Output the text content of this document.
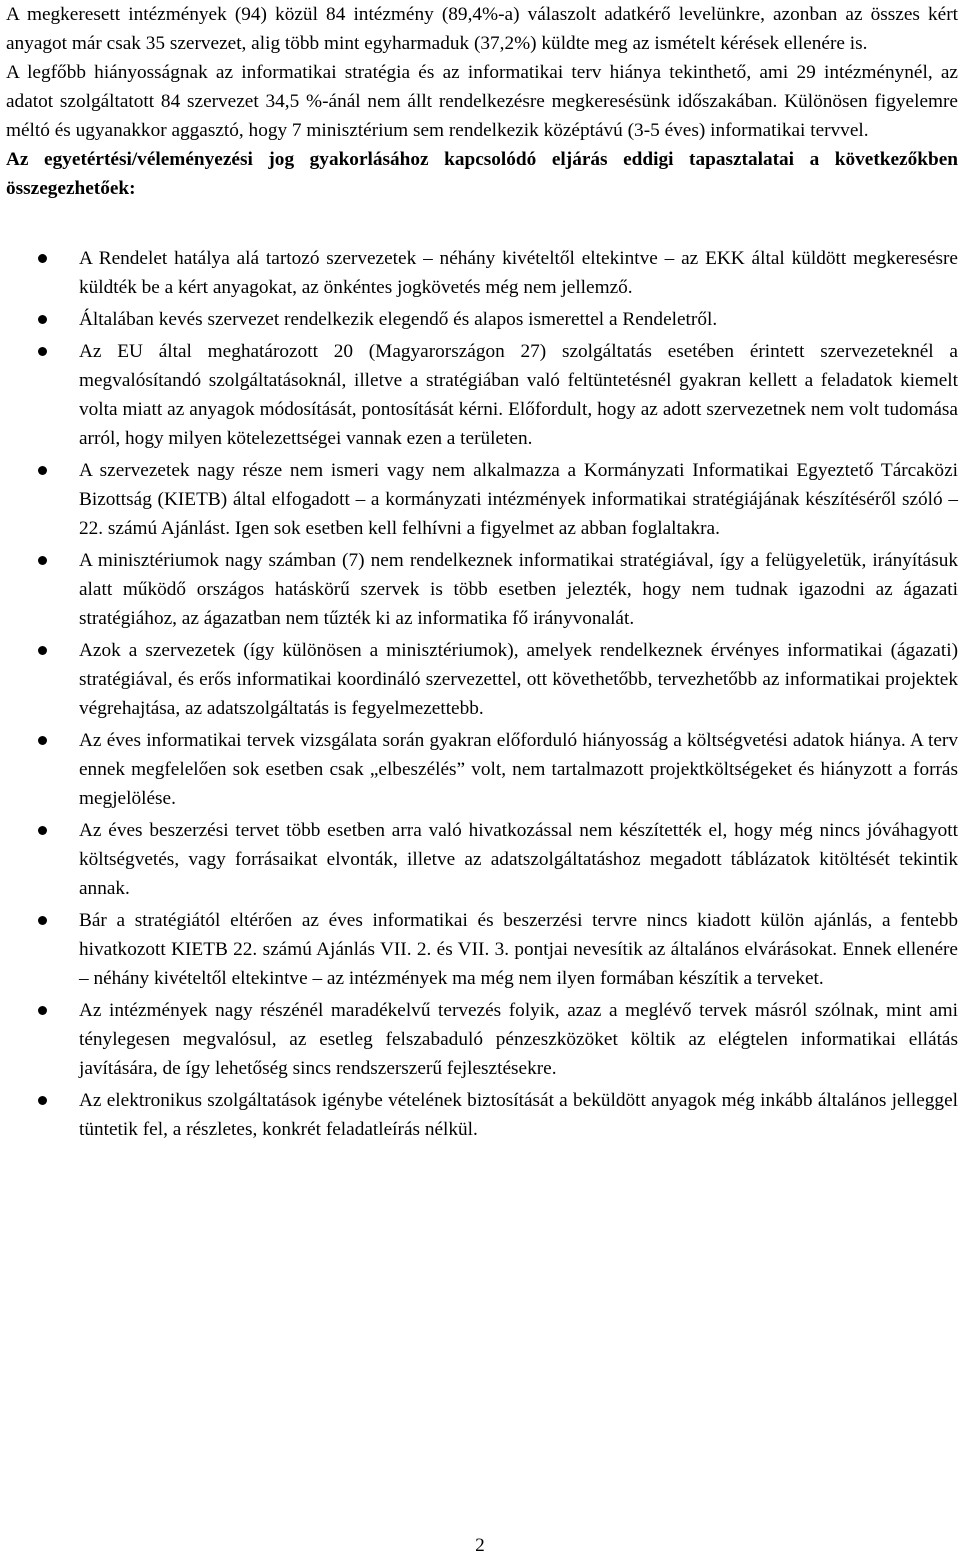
A megkeresett intézmények (94) közül 84 intézmény (89,4%-a) válaszolt adatkérő levelünkre, azonban az összes kért anyagot már csak 35 szervezet, alig több mint egyharmaduk (37,2%) küldte meg az ismételt kérések ellenére is.

A legfőbb hiányosságnak az informatikai stratégia és az informatikai terv hiánya tekinthető, ami 29 intézménynél, az adatot szolgáltatott 84 szervezet 34,5 %-ánál nem állt rendelkezésre megkeresésünk időszakában. Különösen figyelemre méltó és ugyanakkor aggasztó, hogy 7 minisztérium sem rendelkezik középtávú (3-5 éves) informatikai tervvel.

Az egyetértési/véleményezési jog gyakorlásához kapcsolódó eljárás eddigi tapasztalatai a következőkben összegezhetőek:

A Rendelet hatálya alá tartozó szervezetek – néhány kivételtől eltekintve – az EKK által küldött megkeresésre küldték be a kért anyagokat, az önkéntes jogkövetés még nem jellemző.
Általában kevés szervezet rendelkezik elegendő és alapos ismerettel a Rendeletről.
Az EU által meghatározott 20 (Magyarországon 27) szolgáltatás esetében érintett szervezeteknél a megvalósítandó szolgáltatásoknál, illetve a stratégiában való feltüntetésnél gyakran kellett a feladatok kiemelt volta miatt az anyagok módosítását, pontosítását kérni. Előfordult, hogy az adott szervezetnek nem volt tudomása arról, hogy milyen kötelezettségei vannak ezen a területen.
A szervezetek nagy része nem ismeri vagy nem alkalmazza a Kormányzati Informatikai Egyeztető Tárcaközi Bizottság (KIETB) által elfogadott – a kormányzati intézmények informatikai stratégiájának készítéséről szóló – 22. számú Ajánlást. Igen sok esetben kell felhívni a figyelmet az abban foglaltakra.
A minisztériumok nagy számban (7) nem rendelkeznek informatikai stratégiával, így a felügyeletük, irányításuk alatt működő országos hatáskörű szervek is több esetben jelezték, hogy nem tudnak igazodni az ágazati stratégiához, az ágazatban nem tűzték ki az informatika fő irányvonalát.
Azok a szervezetek (így különösen a minisztériumok), amelyek rendelkeznek érvényes informatikai (ágazati) stratégiával, és erős informatikai koordináló szervezettel, ott követhetőbb, tervezhetőbb az informatikai projektek végrehajtása, az adatszolgáltatás is fegyelmezettebb.
Az éves informatikai tervek vizsgálata során gyakran előforduló hiányosság a költségvetési adatok hiánya. A terv ennek megfelelően sok esetben csak „elbeszélés” volt, nem tartalmazott projektköltségeket és hiányzott a forrás megjelölése.
Az éves beszerzési tervet több esetben arra való hivatkozással nem készítették el, hogy még nincs jóváhagyott költségvetés, vagy forrásaikat elvonták, illetve az adatszolgáltatáshoz megadott táblázatok kitöltését tekintik annak.
Bár a stratégiától eltérően az éves informatikai és beszerzési tervre nincs kiadott külön ajánlás, a fentebb hivatkozott KIETB 22. számú Ajánlás VII. 2. és VII. 3. pontjai nevesítik az általános elvárásokat. Ennek ellenére – néhány kivételtől eltekintve – az intézmények ma még nem ilyen formában készítik a terveket.
Az intézmények nagy részénél maradékelvű tervezés folyik, azaz a meglévő tervek másról szólnak, mint ami ténylegesen megvalósul, az esetleg felszabaduló pénzeszközöket költik az elégtelen informatikai ellátás javítására, de így lehetőség sincs rendszerszerű fejlesztésekre.
Az elektronikus szolgáltatások igénybe vételének biztosítását a beküldött anyagok még inkább általános jelleggel tüntetik fel, a részletes, konkrét feladatleírás nélkül.
2
